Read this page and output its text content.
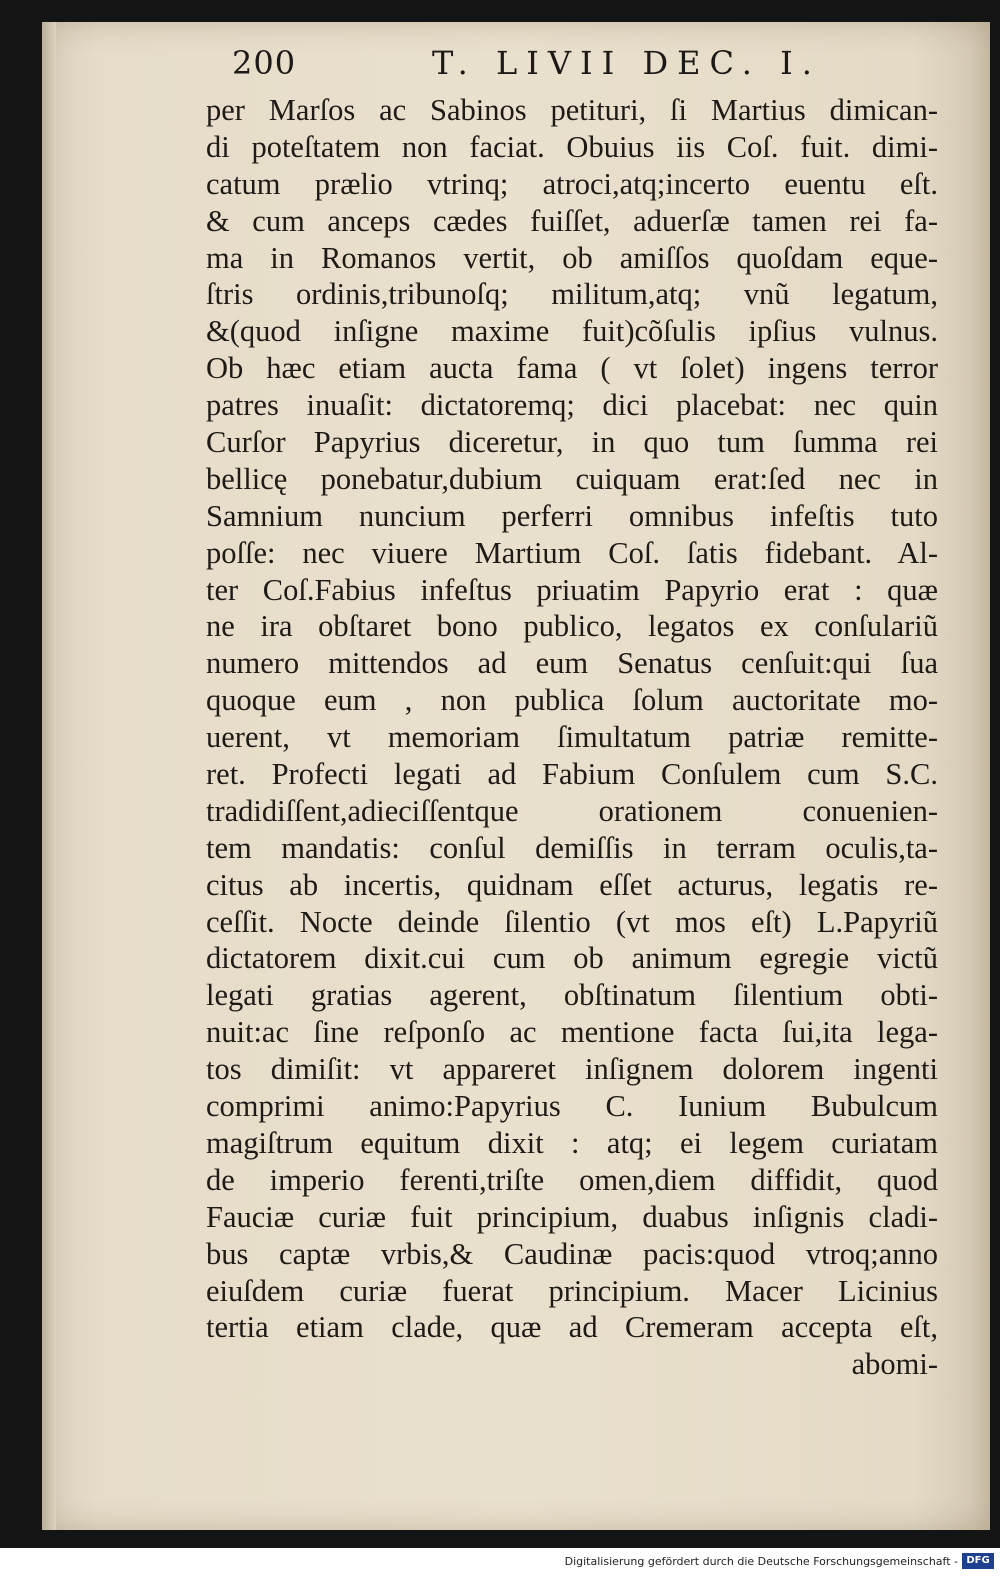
200	T. LIVII DEC. I.
per Marſos ac Sabinos petituri, ſi Martius dimican-
di poteſtatem non faciat. Obuius iis Coſ. fuit. dimi-
catum prælio vtrinq; atroci,atq;incerto euentu eſt.
& cum anceps cædes fuiſſet, aduerſæ tamen rei fa-
ma in Romanos vertit, ob amiſſos quoſdam eque-
ſtris ordinis,tribunoſq; militum,atq; vnũ legatum,
&(quod inſigne maxime fuit)cõſulis ipſius vulnus.
Ob hæc etiam aucta fama ( vt ſolet) ingens terror
patres inuaſit: dictatoremq; dici placebat: nec quin
Curſor Papyrius diceretur, in quo tum ſumma rei
bellicę ponebatur,dubium cuiquam erat:ſed nec in
Samnium nuncium perferri omnibus infeſtis tuto
poſſe: nec viuere Martium Coſ. ſatis fidebant. Al-
ter Coſ.Fabius infeſtus priuatim Papyrio erat : quæ
ne ira obſtaret bono publico, legatos ex conſulariũ
numero mittendos ad eum Senatus cenſuit:qui ſua
quoque eum , non publica ſolum auctoritate mo-
uerent, vt memoriam ſimultatum patriæ remitte-
ret. Profecti legati ad Fabium Conſulem cum S.C.
tradidiſſent,adieciſſentque orationem conuenien-
tem mandatis: conſul demiſſis in terram oculis,ta-
citus ab incertis, quidnam eſſet acturus, legatis re-
ceſſit. Nocte deinde ſilentio (vt mos eſt) L.Papyriũ
dictatorem dixit.cui cum ob animum egregie victũ
legati gratias agerent, obſtinatum ſilentium obti-
nuit:ac ſine reſponſo ac mentione facta ſui,ita lega-
tos dimiſit: vt appareret inſignem dolorem ingenti
comprimi animo:Papyrius C. Iunium Bubulcum
magiſtrum equitum dixit : atq; ei legem curiatam
de imperio ferenti,triſte omen,diem diffidit, quod
Fauciæ curiæ fuit principium, duabus inſignis cladi-
bus captæ vrbis,& Caudinæ pacis:quod vtroq;anno
eiuſdem curiæ fuerat principium. Macer Licinius
tertia etiam clade, quæ ad Cremeram accepta eſt,
abomi-
Digitalisierung gefördert durch die Deutsche Forschungsgemeinschaft - DFG
